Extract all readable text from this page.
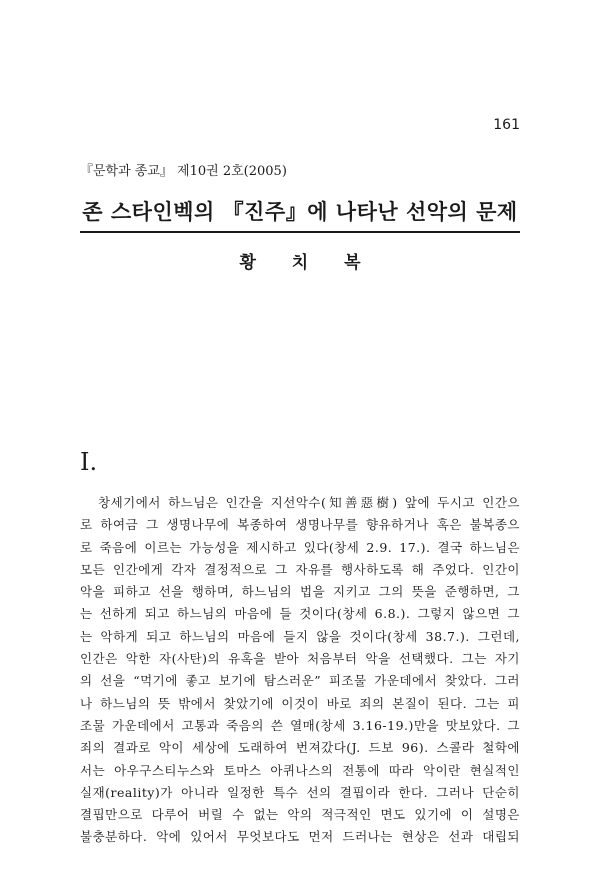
161
『문학과 종교』 제10권 2호(2005)
존 스타인벡의 『진주』에 나타난 선악의 문제
황 치 복
I.
창세기에서 하느님은 인간을 지선악수(知善惡樹) 앞에 두시고 인간으
로 하여금 그 생명나무에 복종하여 생명나무를 향유하거나 혹은 불복종으
로 죽음에 이르는 가능성을 제시하고 있다(창세 2.9. 17.). 결국 하느님은
모든 인간에게 각자 결정적으로 그 자유를 행사하도록 해 주었다. 인간이
악을 피하고 선을 행하며, 하느님의 법을 지키고 그의 뜻을 준행하면, 그
는 선하게 되고 하느님의 마음에 들 것이다(창세 6.8.). 그렇지 않으면 그
는 악하게 되고 하느님의 마음에 들지 않을 것이다(창세 38.7.). 그런데,
인간은 악한 자(사탄)의 유혹을 받아 처음부터 악을 선택했다. 그는 자기
의 선을 “먹기에 좋고 보기에 탐스러운” 피조물 가운데에서 찾았다. 그러
나 하느님의 뜻 밖에서 찾았기에 이것이 바로 죄의 본질이 된다. 그는 피
조물 가운데에서 고통과 죽음의 쓴 열매(창세 3.16-19.)만을 맛보았다. 그
죄의 결과로 악이 세상에 도래하여 번져갔다(J. 드보 96). 스콜라 철학에
서는 아우구스티누스와 토마스 아퀴나스의 전통에 따라 악이란 현실적인
실재(reality)가 아니라 일정한 특수 선의 결핍이라 한다. 그러나 단순히
결핍만으로 다루어 버릴 수 없는 악의 적극적인 면도 있기에 이 설명은
불충분하다. 악에 있어서 무엇보다도 먼저 드러나는 현상은 선과 대립되
